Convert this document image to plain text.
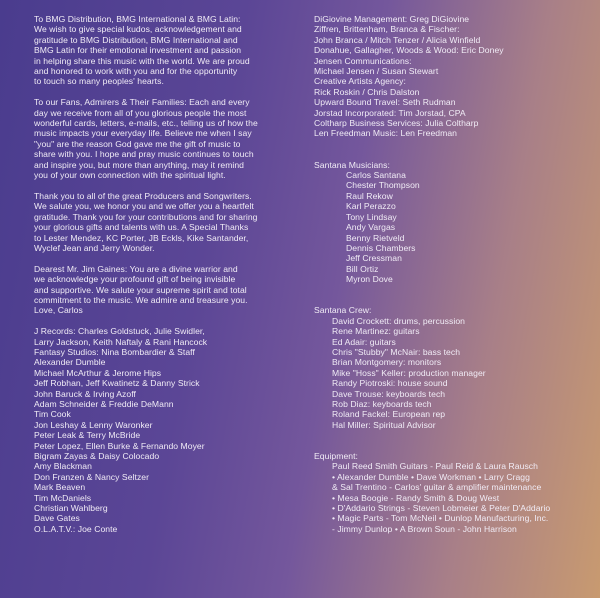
To BMG Distribution, BMG International & BMG Latin:
We wish to give special kudos, acknowledgement and
gratitude to BMG Distribution, BMG International and
BMG Latin for their emotional investment and passion
in helping share this music with the world. We are proud
and honored to work with you and for the opportunity
to touch so many peoples' hearts.

To our Fans, Admirers & Their Families: Each and every
day we receive from all of you glorious people the most
wonderful cards, letters, e-mails, etc., telling us of how the
music impacts your everyday life. Believe me when I say
"you" are the reason God gave me the gift of music to
share with you. I hope and pray music continues to touch
and inspire you, but more than anything, may it remind
you of your own connection with the spiritual light.

Thank you to all of the great Producers and Songwriters.
We salute you, we honor you and we offer you a heartfelt
gratitude. Thank you for your contributions and for sharing
your glorious gifts and talents with us. A Special Thanks
to Lester Mendez, KC Porter, JB Eckls, Kike Santander,
Wyclef Jean and Jerry Wonder.

Dearest Mr. Jim Gaines: You are a divine warrior and
we acknowledge your profound gift of being invisible
and supportive. We salute your supreme spirit and total
commitment to the music. We admire and treasure you.
Love, Carlos

J Records: Charles Goldstuck, Julie Swidler,
Larry Jackson, Keith Naftaly & Rani Hancock
Fantasy Studios: Nina Bombardier & Staff
Alexander Dumble
Michael McArthur & Jerome Hips
Jeff Robhan, Jeff Kwatinetz & Danny Strick
John Baruck & Irving Azoff
Adam Schneider & Freddie DeMann
Tim Cook
Jon Leshay & Lenny Waronker
Peter Leak & Terry McBride
Peter Lopez, Ellen Burke & Fernando Moyer
Bigram Zayas & Daisy Colocado
Amy Blackman
Don Franzen & Nancy Seltzer
Mark Beaven
Tim McDaniels
Christian Wahlberg
Dave Gates
O.L.A.T.V.: Joe Conte
DiGiovine Management: Greg DiGiovine
Ziffren, Brittenham, Branca & Fischer:
John Branca / Mitch Tenzer / Alicia Winfield
Donahue, Gallagher, Woods & Wood: Eric Doney
Jensen Communications:
Michael Jensen / Susan Stewart
Creative Artists Agency:
Rick Roskin / Chris Dalston
Upward Bound Travel: Seth Rudman
Jorstad Incorporated: Tim Jorstad, CPA
Coltharp Business Services: Julia Coltharp
Len Freedman Music: Len Freedman
Santana Musicians:
Carlos Santana
Chester Thompson
Raul Rekow
Karl Perazzo
Tony Lindsay
Andy Vargas
Benny Rietveld
Dennis Chambers
Jeff Cressman
Bill Ortiz
Myron Dove
Santana Crew:
David Crockett: drums, percussion
Rene Martinez: guitars
Ed Adair: guitars
Chris "Stubby" McNair: bass tech
Brian Montgomery: monitors
Mike "Hoss" Keller: production manager
Randy Piotroski: house sound
Dave Trouse: keyboards tech
Rob Diaz: keyboards tech
Roland Fackel: European rep
Hal Miller: Spiritual Advisor
Equipment:
Paul Reed Smith Guitars - Paul Reid & Laura Rausch
• Alexander Dumble • Dave Workman • Larry Cragg
& Sal Trentino - Carlos' guitar & amplifier maintenance
• Mesa Boogie - Randy Smith & Doug West
• D'Addario Strings - Steven Lobmeier & Peter D'Addario
• Magic Parts - Tom McNeil • Dunlop Manufacturing, Inc.
- Jimmy Dunlop • A Brown Soun - John Harrison
